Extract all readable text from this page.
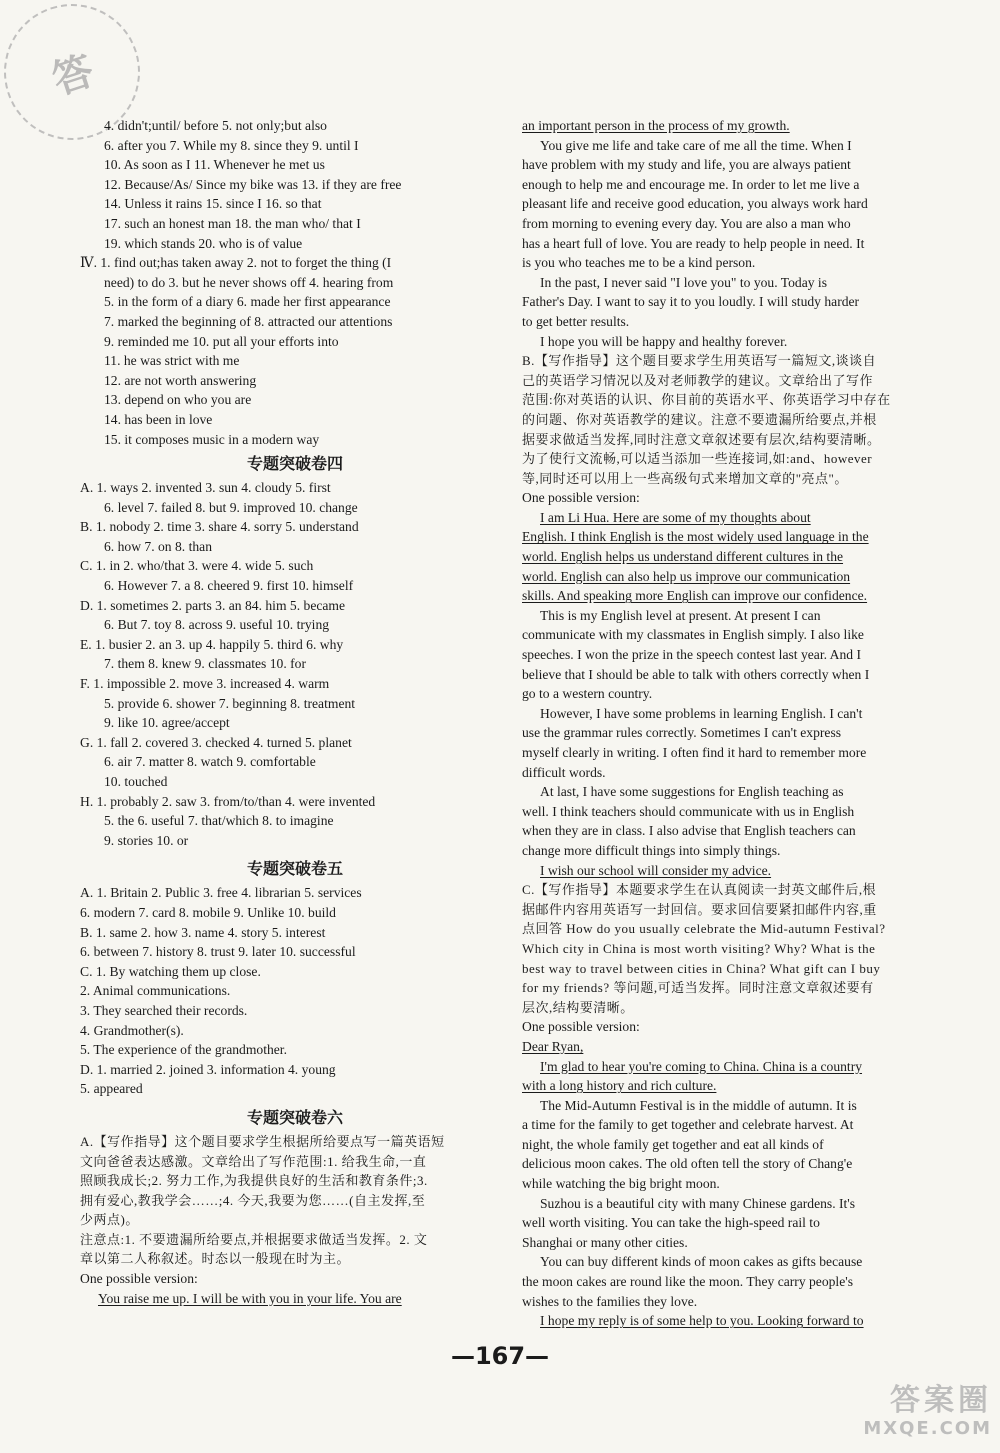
答
4. didn't;until/ before 5. not only;but also
6. after you 7. While my 8. since they 9. until I
10. As soon as I 11. Whenever he met us
12. Because/As/ Since my bike was 13. if they are free
14. Unless it rains 15. since I 16. so that
17. such an honest man 18. the man who/ that I
19. which stands 20. who is of value
Ⅳ. 1. find out;has taken away 2. not to forget the thing (I
need) to do 3. but he never shows off 4. hearing from
5. in the form of a diary 6. made her first appearance
7. marked the beginning of 8. attracted our attentions
9. reminded me 10. put all your efforts into
11. he was strict with me
12. are not worth answering
13. depend on who you are
14. has been in love
15. it composes music in a modern way
专题突破卷四
A. 1. ways 2. invented 3. sun 4. cloudy 5. first
6. level 7. failed 8. but 9. improved 10. change
B. 1. nobody 2. time 3. share 4. sorry 5. understand
6. how 7. on 8. than
C. 1. in 2. who/that 3. were 4. wide 5. such
6. However 7. a 8. cheered 9. first 10. himself
D. 1. sometimes 2. parts 3. an 84. him 5. became
6. But 7. toy 8. across 9. useful 10. trying
E. 1. busier 2. an 3. up 4. happily 5. third 6. why
7. them 8. knew 9. classmates 10. for
F. 1. impossible 2. move 3. increased 4. warm
5. provide 6. shower 7. beginning 8. treatment
9. like 10. agree/accept
G. 1. fall 2. covered 3. checked 4. turned 5. planet
6. air 7. matter 8. watch 9. comfortable
10. touched
H. 1. probably 2. saw 3. from/to/than 4. were invented
5. the 6. useful 7. that/which 8. to imagine
9. stories 10. or
专题突破卷五
A. 1. Britain 2. Public 3. free 4. librarian 5. services
6. modern 7. card 8. mobile 9. Unlike 10. build
B. 1. same 2. how 3. name 4. story 5. interest
6. between 7. history 8. trust 9. later 10. successful
C. 1. By watching them up close.
2. Animal communications.
3. They searched their records.
4. Grandmother(s).
5. The experience of the grandmother.
D. 1. married 2. joined 3. information 4. young
5. appeared
专题突破卷六
A.【写作指导】这个题目要求学生根据所给要点写一篇英语短
文向爸爸表达感激。文章给出了写作范围:1. 给我生命,一直
照顾我成长;2. 努力工作,为我提供良好的生活和教育条件;3.
拥有爱心,教我学会……;4. 今天,我要为您……(自主发挥,至
少两点)。
注意点:1. 不要遗漏所给要点,并根据要求做适当发挥。2. 文
章以第二人称叙述。时态以一般现在时为主。
One possible version:
You raise me up. I will be with you in your life. You are
an important person in the process of my growth.
You give me life and take care of me all the time. When I
have problem with my study and life, you are always patient
enough to help me and encourage me. In order to let me live a
pleasant life and receive good education, you always work hard
from morning to evening every day. You are also a man who
has a heart full of love. You are ready to help people in need. It
is you who teaches me to be a kind person.
In the past, I never said "I love you" to you. Today is
Father's Day. I want to say it to you loudly. I will study harder
to get better results.
I hope you will be happy and healthy forever.
B.【写作指导】这个题目要求学生用英语写一篇短文,谈谈自
己的英语学习情况以及对老师教学的建议。文章给出了写作
范围:你对英语的认识、你目前的英语水平、你英语学习中存在
的问题、你对英语教学的建议。注意不要遗漏所给要点,并根
据要求做适当发挥,同时注意文章叙述要有层次,结构要清晰。
为了使行文流畅,可以适当添加一些连接词,如:and、however
等,同时还可以用上一些高级句式来增加文章的"亮点"。
One possible version:
I am Li Hua. Here are some of my thoughts about
English. I think English is the most widely used language in the
world. English helps us understand different cultures in the
world. English can also help us improve our communication
skills. And speaking more English can improve our confidence.
This is my English level at present. At present I can
communicate with my classmates in English simply. I also like
speeches. I won the prize in the speech contest last year. And I
believe that I should be able to talk with others correctly when I
go to a western country.
However, I have some problems in learning English. I can't
use the grammar rules correctly. Sometimes I can't express
myself clearly in writing. I often find it hard to remember more
difficult words.
At last, I have some suggestions for English teaching as
well. I think teachers should communicate with us in English
when they are in class. I also advise that English teachers can
change more difficult things into simply things.
I wish our school will consider my advice.
C.【写作指导】本题要求学生在认真阅读一封英文邮件后,根
据邮件内容用英语写一封回信。要求回信要紧扣邮件内容,重
点回答 How do you usually celebrate the Mid-autumn Festival?
Which city in China is most worth visiting? Why? What is the
best way to travel between cities in China? What gift can I buy
for my friends? 等问题,可适当发挥。同时注意文章叙述要有
层次,结构要清晰。
One possible version:
Dear Ryan,
I'm glad to hear you're coming to China. China is a country
with a long history and rich culture.
The Mid-Autumn Festival is in the middle of autumn. It is
a time for the family to get together and celebrate harvest. At
night, the whole family get together and eat all kinds of
delicious moon cakes. The old often tell the story of Chang'e
while watching the big bright moon.
Suzhou is a beautiful city with many Chinese gardens. It's
well worth visiting. You can take the high-speed rail to
Shanghai or many other cities.
You can buy different kinds of moon cakes as gifts because
the moon cakes are round like the moon. They carry people's
wishes to the families they love.
I hope my reply is of some help to you. Looking forward to
—167—
答案圈
MXQE.COM
